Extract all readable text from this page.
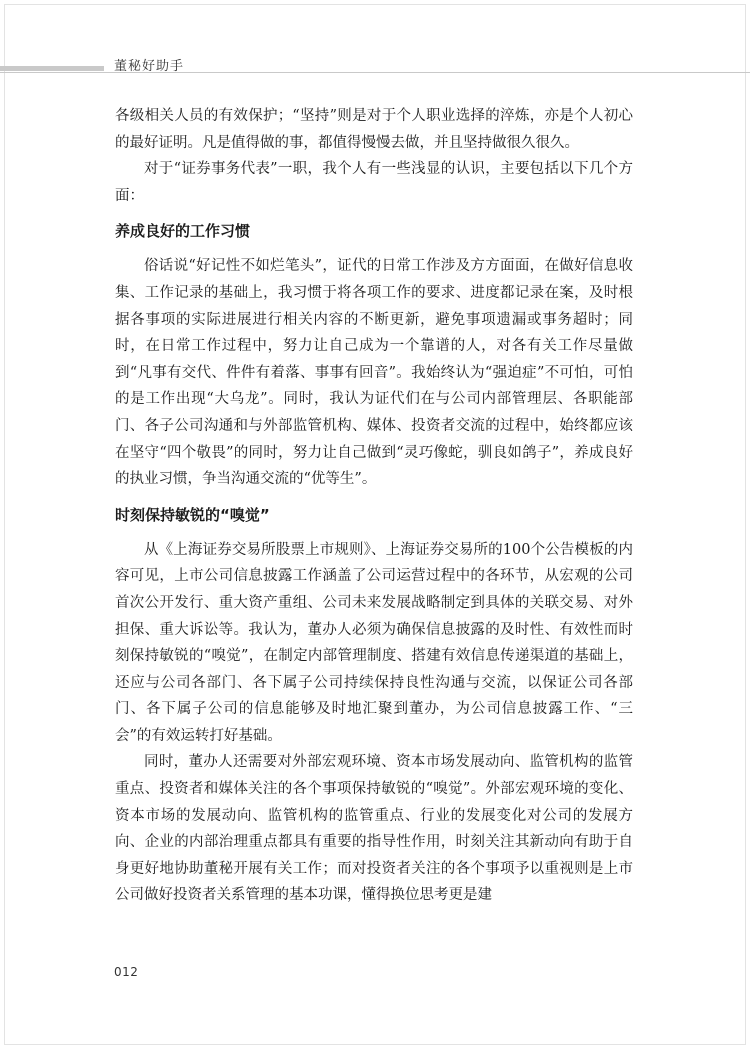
董秘好助手

各级相关人员的有效保护；“坚持”则是对于个人职业选择的淬炼，亦是个人初心的最好证明。凡是值得做的事，都值得慢慢去做，并且坚持做很久很久。

对于“证券事务代表”一职，我个人有一些浅显的认识，主要包括以下几个方面：

养成良好的工作习惯

俗话说“好记性不如烂笔头”，证代的日常工作涉及方方面面，在做好信息收集、工作记录的基础上，我习惯于将各项工作的要求、进度都记录在案，及时根据各事项的实际进展进行相关内容的不断更新，避免事项遗漏或事务超时；同时，在日常工作过程中，努力让自己成为一个靠谱的人，对各有关工作尽量做到“凡事有交代、件件有着落、事事有回音”。我始终认为“强迫症”不可怕，可怕的是工作出现“大乌龙”。同时，我认为证代们在与公司内部管理层、各职能部门、各子公司沟通和与外部监管机构、媒体、投资者交流的过程中，始终都应该在坚守“四个敬畏”的同时，努力让自己做到“灵巧像蛇，驯良如鸽子”，养成良好的执业习惯，争当沟通交流的“优等生”。

时刻保持敏锐的“嗅觉”

从《上海证券交易所股票上市规则》、上海证券交易所的100个公告模板的内容可见，上市公司信息披露工作涵盖了公司运营过程中的各环节，从宏观的公司首次公开发行、重大资产重组、公司未来发展战略制定到具体的关联交易、对外担保、重大诉讼等。我认为，董办人必须为确保信息披露的及时性、有效性而时刻保持敏锐的“嗅觉”，在制定内部管理制度、搭建有效信息传递渠道的基础上，还应与公司各部门、各下属子公司持续保持良性沟通与交流，以保证公司各部门、各下属子公司的信息能够及时地汇聚到董办，为公司信息披露工作、“三会”的有效运转打好基础。

同时，董办人还需要对外部宏观环境、资本市场发展动向、监管机构的监管重点、投资者和媒体关注的各个事项保持敏锐的“嗅觉”。外部宏观环境的变化、资本市场的发展动向、监管机构的监管重点、行业的发展变化对公司的发展方向、企业的内部治理重点都具有重要的指导性作用，时刻关注其新动向有助于自身更好地协助董秘开展有关工作；而对投资者关注的各个事项予以重视则是上市公司做好投资者关系管理的基本功课，懂得换位思考更是建

012
